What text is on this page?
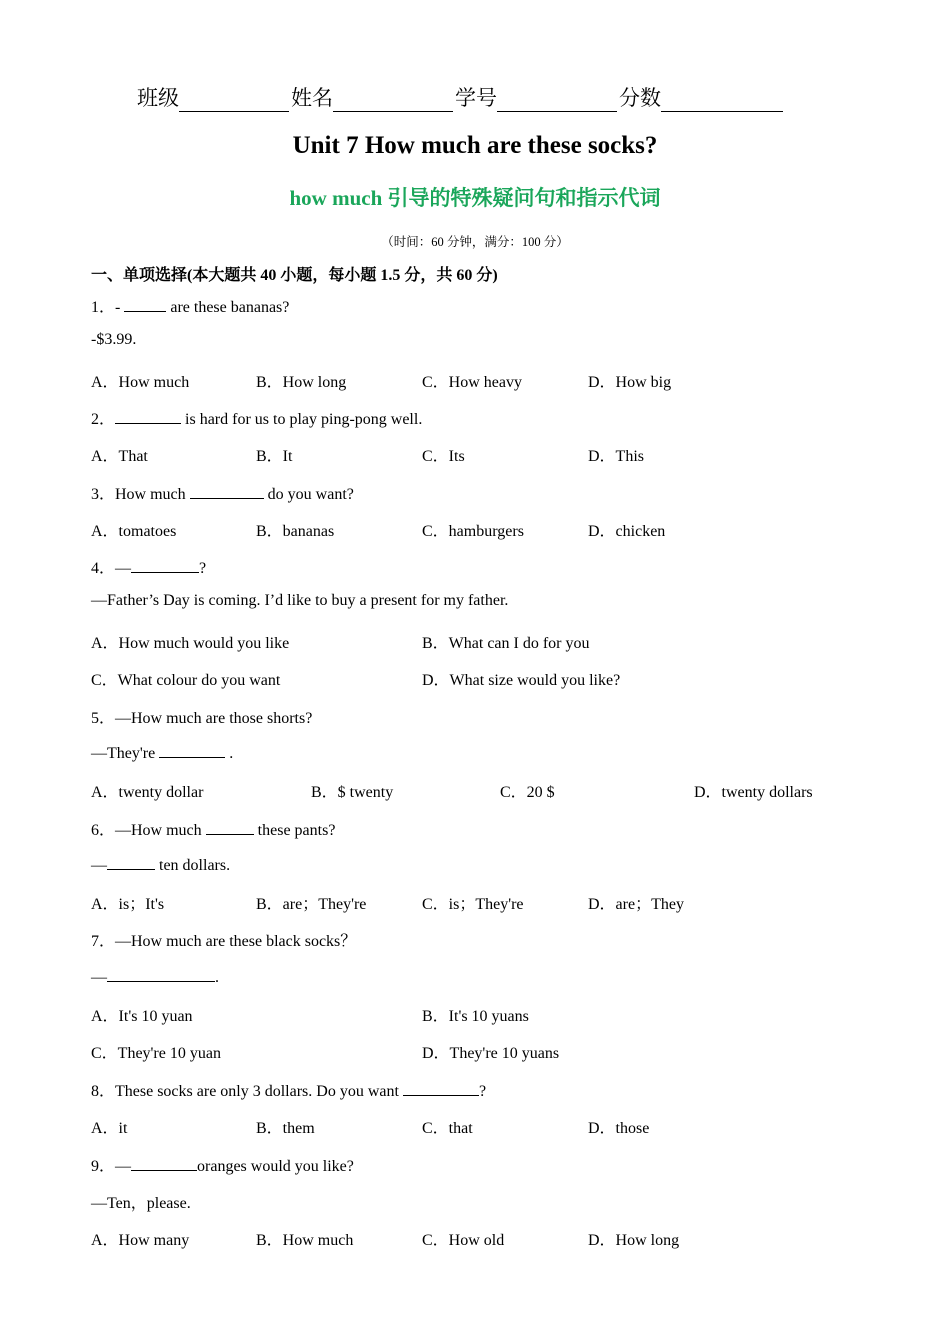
班级	姓名	学号	分数
Unit 7 How much are these socks?
how much 引导的特殊疑问句和指示代词
（时间：60 分钟，满分：100 分）
一、单项选择(本大题共 40 小题，每小题 1.5 分，共 60 分)
1．-	are these bananas?
-$3.99.
A．How much	B．How long	C．How heavy	D．How big
2．	is hard for us to play ping-pong well.
A．That	B．It	C．Its	D．This
3．How much	do you want?
A．tomatoes	B．bananas	C．hamburgers	D．chicken
4．—	?
—Father’s Day is coming. I’d like to buy a present for my father.
A．How much would you like	B．What can I do for you
C．What colour do you want	D．What size would you like?
5．—How much are those shorts?
—They're	.
A．twenty dollar	B．$ twenty	C．20 $	D．twenty dollars
6．—How much	these pants?
—	ten dollars.
A．is；It's	B．are；They're	C．is；They're	D．are；They
7．—How much are these black socks？
—	.
A．It's 10 yuan	B．It's 10 yuans
C．They're 10 yuan	D．They're 10 yuans
8．These socks are only 3 dollars. Do you want	?
A．it	B．them	C．that	D．those
9．—	oranges would you like?
—Ten，please.
A．How many	B．How much	C．How old	D．How long
